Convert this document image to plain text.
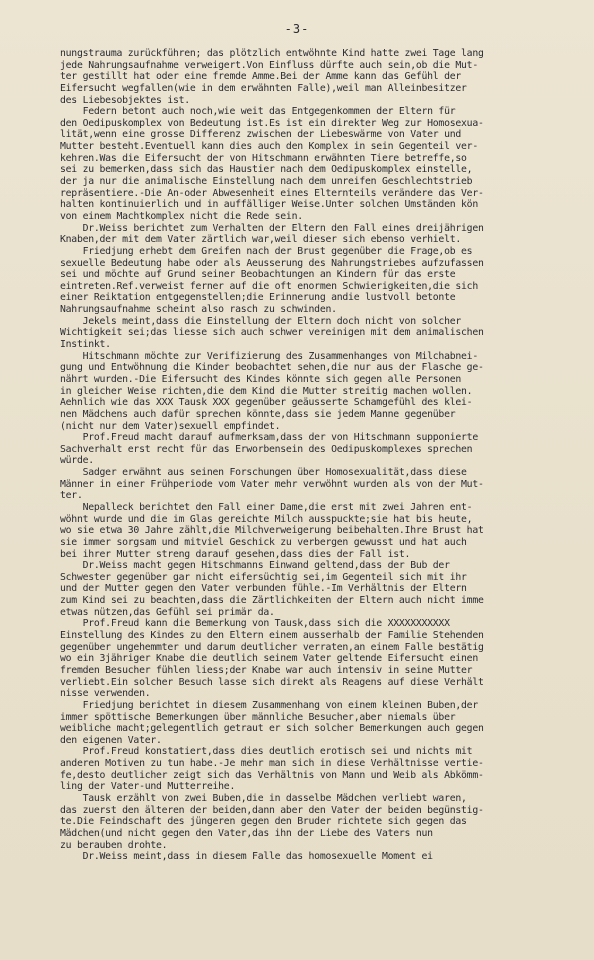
-3-
nungstrauma zurückführen; das plötzlich entwöhnte Kind hatte zwei Tage lang
jede Nahrungsaufnahme verweigert.Von Einfluss dürfte auch sein,ob die Mut-
ter gestillt hat oder eine fremde Amme.Bei der Amme kann das Gefühl der
Eifersucht wegfallen(wie in dem erwähnten Falle),weil man Alleinbesitzer
des Liebesobjektes ist.
Federn betont auch noch,wie weit das Entgegenkommen der Eltern für
den Oedipuskomplex von Bedeutung ist.Es ist ein direkter Weg zur Homosexua-
lität,wenn eine grosse Differenz zwischen der Liebeswärme von Vater und
Mutter besteht.Eventuell kann dies auch den Komplex in sein Gegenteil ver-
kehren.Was die Eifersucht der von Hitschmann erwähnten Tiere betreffe,so
sei zu bemerken,dass sich das Haustier nach dem Oedipuskomplex einstelle,
der ja nur die animalische Einstellung nach dem unreifen Geschlechtstrieb
repräsentiere.-Die An-oder Abwesenheit eines Elternteils verändere das Ver-
halten kontinuierlich und in auffälliger Weise.Unter solchen Umständen kön
von einem Machtkomplex nicht die Rede sein.
Dr.Weiss berichtet zum Verhalten der Eltern den Fall eines dreijährigen
Knaben,der mit dem Vater zärtlich war,weil dieser sich ebenso verhielt.
Friedjung erhebt dem Greifen nach der Brust gegenüber die Frage,ob es
sexuelle Bedeutung habe oder als Aeusserung des Nahrungstriebes aufzufassen
sei und möchte auf Grund seiner Beobachtungen an Kindern für das erste
eintreten.Ref.verweist ferner auf die oft enormen Schwierigkeiten,die sich
einer Reiktation entgegenstellen;die Erinnerung andie lustvoll betonte
Nahrungsaufnahme scheint also rasch zu schwinden.
Jekels meint,dass die Einstellung der Eltern doch nicht von solcher
Wichtigkeit sei;das liesse sich auch schwer vereinigen mit dem animalischen
Instinkt.
Hitschmann möchte zur Verifizierung des Zusammenhanges von Milchabnei-
gung und Entwöhnung die Kinder beobachtet sehen,die nur aus der Flasche ge-
nährt wurden.-Die Eifersucht des Kindes könnte sich gegen alle Personen
in gleicher Weise richten,die dem Kind die Mutter streitig machen wollen.
Aehnlich wie das XXX Tausk XXX gegenüber geäusserte Schamgefühl des klei-
nen Mädchens auch dafür sprechen könnte,dass sie jedem Manne gegenüber
(nicht nur dem Vater)sexuell empfindet.
Prof.Freud macht darauf aufmerksam,dass der von Hitschmann supponierte
Sachverhalt erst recht für das Erworbensein des Oedipuskomplexes sprechen
würde.
Sadger erwähnt aus seinen Forschungen über Homosexualität,dass diese
Männer in einer Frühperiode vom Vater mehr verwöhnt wurden als von der Mut-
ter.
Nepalleck berichtet den Fall einer Dame,die erst mit zwei Jahren ent-
wöhnt wurde und die im Glas gereichte Milch ausspuckte;sie hat bis heute,
wo sie etwa 30 Jahre zählt,die Milchverweigerung beibehalten.Ihre Brust hat
sie immer sorgsam und mitviel Geschick zu verbergen gewusst und hat auch
bei ihrer Mutter streng darauf gesehen,dass dies der Fall ist.
Dr.Weiss macht gegen Hitschmanns Einwand geltend,dass der Bub der
Schwester gegenüber gar nicht eifersüchtig sei,im Gegenteil sich mit ihr
und der Mutter gegen den Vater verbunden fühle.-Im Verhältnis der Eltern
zum Kind sei zu beachten,dass die Zärtlichkeiten der Eltern auch nicht imme
etwas nützen,das Gefühl sei primär da.
Prof.Freud kann die Bemerkung von Tausk,dass sich die XXXXXXXXXXX
Einstellung des Kindes zu den Eltern einem ausserhalb der Familie Stehenden
gegenüber ungehemmter und darum deutlicher verraten,an einem Falle bestätig
wo ein 3jähriger Knabe die deutlich seinem Vater geltende Eifersucht einen
fremden Besucher fühlen liess;der Knabe war auch intensiv in seine Mutter
verliebt.Ein solcher Besuch lasse sich direkt als Reagens auf diese Verhält
nisse verwenden.
Friedjung berichtet in diesem Zusammenhang von einem kleinen Buben,der
immer spöttische Bemerkungen über männliche Besucher,aber niemals über
weibliche macht;gelegentlich getraut er sich solcher Bemerkungen auch gegen
den eigenen Vater.
Prof.Freud konstatiert,dass dies deutlich erotisch sei und nichts mit
anderen Motiven zu tun habe.-Je mehr man sich in diese Verhältnisse vertie-
fe,desto deutlicher zeigt sich das Verhältnis von Mann und Weib als Abkömm-
ling der Vater-und Mutterreihe.
Tausk erzählt von zwei Buben,die in dasselbe Mädchen verliebt waren,
das zuerst den älteren der beiden,dann aber den Vater der beiden begünstig-
te.Die Feindschaft des jüngeren gegen den Bruder richtete sich gegen das
Mädchen(und nicht gegen den Vater,das ihn der Liebe des Vaters nun
zu berauben drohte.
Dr.Weiss meint,dass in diesem Falle das homosexuelle Moment ei
